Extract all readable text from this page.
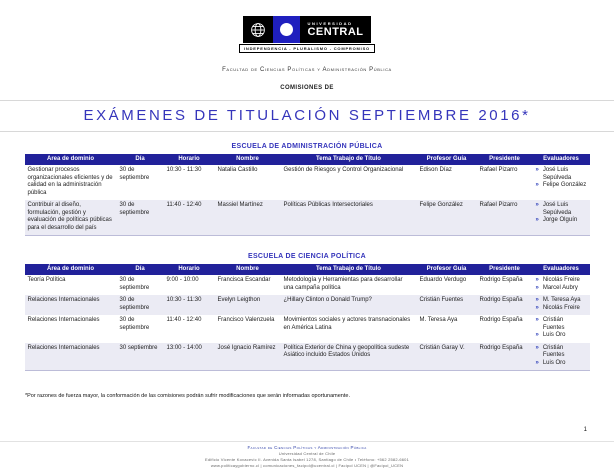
UNIVERSIDAD
CENTRAL
INDEPENDENCIA - PLURALISMO - COMPROMISO
Facultad de Ciencias Políticas y Administración Pública
COMISIONES DE
EXÁMENES DE TITULACIÓN SEPTIEMBRE 2016*
ESCUELA DE ADMINISTRACIÓN PÚBLICA
Area de dominio	Día	Horario	Nombre	Tema Trabajo de Título	Profesor Guía	Presidente	Evaluadores
Gestionar procesos organizacionales eficientes y de calidad en la administración pública	30 de septiembre	10:30 - 11:30	Natalia Castillo	Gestión de Riesgos y Control Organizacional	Edison Díaz	Rafael Pizarro	» José Luis Sepúlveda
» Felipe González

Contribuir al diseño, formulación, gestión y evaluación de políticas públicas para el desarrollo del país	30 de septiembre	11:40 - 12:40	Massiel Martínez	Políticas Públicas Intersectoriales	Felipe González	Rafael Pizarro	» José Luis Sepúlveda
» Jorge Olguín
ESCUELA DE CIENCIA POLÍTICA
Área de dominio	Día	Horario	Nombre	Tema Trabajo de Título	Profesor Guía	Presidente	Evaluadores
Teoría Política	30 de septiembre	9:00 - 10:00	Francisca Escandar	Metodología y Herramientas para desarrollar una campaña política	Eduardo Verdugo	Rodrigo España	» Nicolás Freire
» Marcel Aubry

Relaciones Internacionales	30 de septiembre	10:30 - 11:30	Evelyn Leigthon	¿Hillary Clinton o Donald Trump?	Cristián Fuentes	Rodrigo España	» M. Teresa Aya
» Nicolás Freire

Relaciones Internacionales	30 de septiembre	11:40 - 12:40	Francisco Valenzuela	Movimientos sociales y actores transnacionales en América Latina	M. Teresa Aya	Rodrigo España	» Cristián Fuentes
» Luis Oro

Relaciones Internacionales	30 septiembre	13:00 - 14:00	José Ignacio Ramírez	Política Exterior de China y geopolítica sudeste Asiático incluido Estados Unidos	Cristián Garay V.	Rodrigo España	» Cristián Fuentes
» Luis Oro
*Por razones de fuerza mayor, la conformación de las comisiones podrán sufrir modificaciones que serán informadas oportunamente.
1
Facultad de Ciencias Políticas y Administración Pública
Universidad Central de Chile
Edificio Vicente Kovacevic II. Avenida Santa Isabel 1278, Santiago de Chile • Teléfono: +562 2582-6601
www.politicaygobierno.cl | comunicaciones_facipol@ucentral.cl | Facipol UCEN | @Facipol_UCEN
